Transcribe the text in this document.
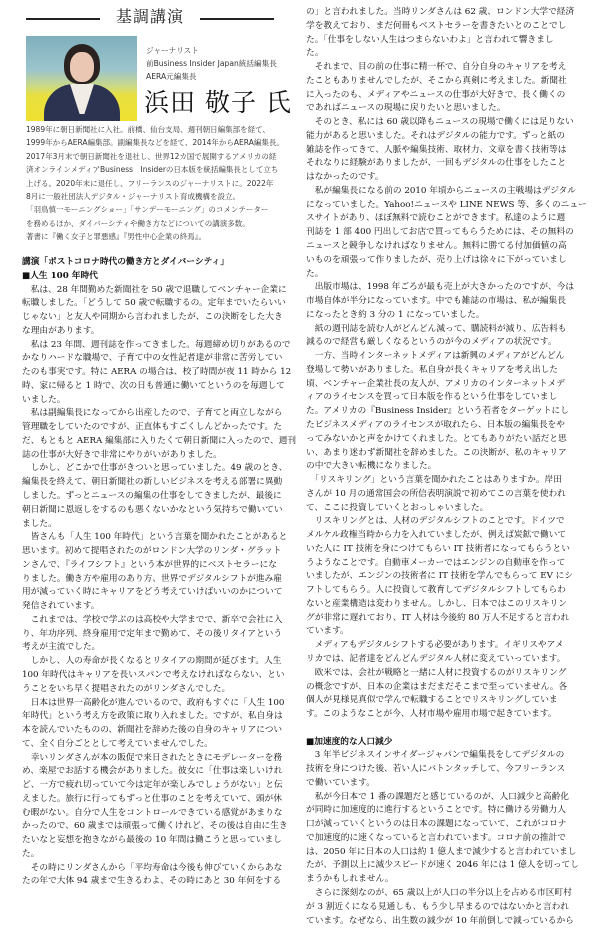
基調講演
ジャーナリスト
前Business Insider Japan統括編集長
AERA元編集長
浜田 敬子 氏
1989年に朝日新聞社に入社。前橋、仙台支局、週刊朝日編集部を経て、
1999年からAERA編集部。副編集長などを経て、2014年からAERA編集長。
2017年3月末で朝日新聞社を退社し、世界12カ国で展開するアメリカの経
済オンラインメディアBusiness　Insiderの日本版を統括編集長として立ち
上げる。2020年末に退任し、フリーランスのジャーナリストに。2022年
8月に一般社団法人デジタル・ジャーナリスト育成機構を設立。
「羽鳥慎一モーニングショー」「サンデーモーニング」のコメンテーター
を務めるほか、ダイバーシティや働き方などについての講演多数。
著書に『働く女子と罪悪感』『男性中心企業の終焉』。
講演「ポストコロナ時代の働き方とダイバーシティ」
■人生 100 年時代
　私は、28 年間勤めた新聞社を 50 歳で退職してベンチャー企業に
転職しました。「どうして 50 歳で転職するの。定年までいたらいい
じゃない」と友人や同期から言われましたが、この決断をした大き
な理由があります。
　私は 23 年間、週刊誌を作ってきました。毎週締め切りがあるので
かなりハードな職場で、子育て中の女性記者達が非常に苦労してい
たのも事実です。特に AERA の場合は、校了時間が夜 11 時から 12
時、家に帰ると 1 時で、次の日も普通に働いてというのを毎週して
いました。
　私は副編集長になってから出産したので、子育てと両立しながら
管理職をしていたのですが、正直体もすごくしんどかったです。た
だ、もともと AERA 編集部に入りたくて朝日新聞に入ったので、週刊
誌の仕事が大好きで非常にやりがいがありました。
　しかし、どこかで仕事がきついと思っていました。49 歳のとき、
編集長を終えて、朝日新聞社の新しいビジネスを考える部署に異動
しました。ずっとニュースの編集の仕事をしてきましたが、最後に
朝日新聞に恩返しをするのも悪くないかなという気持ちで働いてい
ました。
　皆さんも「人生 100 年時代」という言葉を聞かれたことがあると
思います。初めて提唱されたのがロンドン大学のリンダ・グラット
ンさんで、『ライフシフト』という本が世界的にベストセラーにな
りました。働き方や雇用のあり方、世界でデジタルシフトが進み雇
用が減っていく時にキャリアをどう考えていけばいいのかについて
発信されています。
　これまでは、学校で学ぶのは高校や大学までで、新卒で会社に入
り、年功序列、終身雇用で定年まで勤めて、その後リタイアという
考えが主流でした。
　しかし、人の寿命が長くなるとリタイアの期間が延びます。人生
100 年時代はキャリアを長いスパンで考えなければならない、とい
うことをいち早く提唱されたのがリンダさんでした。
　日本は世界一高齢化が進んでいるので、政府もすぐに「人生 100
年時代」という考え方を政策に取り入れました。ですが、私自身は
本を読んでいたものの、新聞社を辞めた後の自身のキャリアについ
て、全く自分ごととして考えていませんでした。
　幸いリンダさんが本の販促で来日されたときにモデレーターを務
め、楽屋でお話する機会がありました。彼女に「仕事は楽しいけれ
ど、一方で疲れ切っていて今は定年が楽しみでしょうがない」と伝
えました。旅行に行ってもずっと仕事のことを考えていて、頭が休
む暇がない。自分で人生をコントロールできている感覚があまりな
かったので、60 歳までは頑張って働くけれど、その後は自由に生き
たいなと妄想を抱きながら最後の 10 年間は働こうと思っていまし
た。
　その時にリンダさんから「平均寿命は今後も伸びていくからあな
たの年で大体 94 歳まで生きるわよ、その時にあと 30 年何をする
の」と言われました。当時リンダさんは 62 歳、ロンドン大学で経済
学を教えており、まだ何冊もベストセラーを書きたいとのことでし
た。「仕事をしない人生はつまらないわよ」と言われて響きまし
た。
　それまで、目の前の仕事に精一杯で、自分自身のキャリアを考え
たこともありませんでしたが、そこから真剣に考えました。新聞社
に入ったのも、メディアやニュースの仕事が大好きで、長く働くの
であればニュースの現場に戻りたいと思いました。
　そのとき、私には 60 歳以降もニュースの現場で働くには足りない
能力があると思いました。それはデジタルの能力です。ずっと紙の
雑誌を作ってきて、人脈や編集技術、取材力、文章を書く技術等は
それなりに経験がありましたが、一回もデジタルの仕事をしたこと
はなかったのです。
　私が編集長になる前の 2010 年頃からニュースの主戦場はデジタル
になっていました。Yahoo!ニュースや LINE NEWS 等、多くのニュー
スサイトがあり、ほぼ無料で読むことができます。私達のように週
刊誌を 1 部 400 円出してお店で買ってもらうためには、その無料の
ニュースと競争しなければなりません。無料に勝てる付加価値の高
いものを頑張って作りましたが、売り上げは徐々に下がっていまし
た。
　出版市場は、1998 年ごろが最も売上が大きかったのですが、今は
市場自体が半分になっています。中でも雑誌の市場は、私が編集長
になったとき約 3 分の 1 になっていました。
　紙の週刊誌を読む人がどんどん減って、購読料が減り、広告料も
減るので経営も厳しくなるというのが今のメディアの状況です。
　一方、当時インターネットメディアは新興のメディアがどんどん
登場して勢いがありました。私自身が長くキャリアを考え出した
頃、ベンチャー企業社長の友人が、アメリカのインターネットメデ
ィアのライセンスを買って日本版を作るという仕事をしていまし
た。アメリカの『Business Insider』という若者をターゲットにし
たビジネスメディアのライセンスが取れたら、日本版の編集長をや
ってみないかと声をかけてくれました。とてもありがたい話だと思
い、あまり迷わず新聞社を辞めました。この決断が、私のキャリア
の中で大きい転機になりました。
　「リスキリング」という言葉を聞かれたことはありますか。岸田
さんが 10 月の通常国会の所信表明演説で初めてこの言葉を使われ
て、ここに投資していくとおっしゃいました。
　リスキリングとは、人材のデジタルシフトのことです。ドイツで
メルケル政権当時から力を入れていましたが、例えば炭鉱で働いて
いた人に IT 技術を身につけてもらい IT 技術者になってもらうとい
うようなことです。自動車メーカーではエンジンの自動車を作って
いましたが、エンジンの技術者に IT 技術を学んでもらって EV にシ
フトしてもらう。人に投資して教育してデジタルシフトしてもらわ
ないと産業構造は変わりません。しかし、日本ではこのリスキリン
グが非常に遅れており、IT 人材は今後約 80 万人不足すると言われ
ています。
　メディアもデジタルシフトする必要があります。イギリスやアメ
リカでは、記者達をどんどんデジタル人材に変えていっています。
　欧米では、会社が戦略と一緒に人材に投資するのがリスキリング
の概念ですが、日本の企業はまだまだそこまで至っていません。各
個人が見様見真似で学んで転職することでリスキリングしていま
す。このようなことが今、人材市場や雇用市場で起きています。
■加速度的な人口減少
　3 年半ビジネスインサイダージャパンで編集長をしてデジタルの
技術を身につけた後、若い人にバトンタッチして、今フリーランス
で働いています。
　私が今日本で 1 番の課題だと感じているのが、人口減少と高齢化
が同時に加速度的に進行するということです。特に働ける労働力人
口が減っていくというのは日本の課題になっていて、これがコロナ
で加速度的に速くなっていると言われています。コロナ前の推計で
は、2050 年に日本の人口は約 1 億人まで減少すると言われていまし
たが、予測以上に減少スピードが速く 2046 年には 1 億人を切ってし
まうかもしれません。
　さらに深刻なのが、65 歳以上が人口の半分以上を占める市区町村
が 3 割近くになる見通しも、もう少し早まるのではないかと言われ
ています。なぜなら、出生数の減少が 10 年前倒しで減っているから
